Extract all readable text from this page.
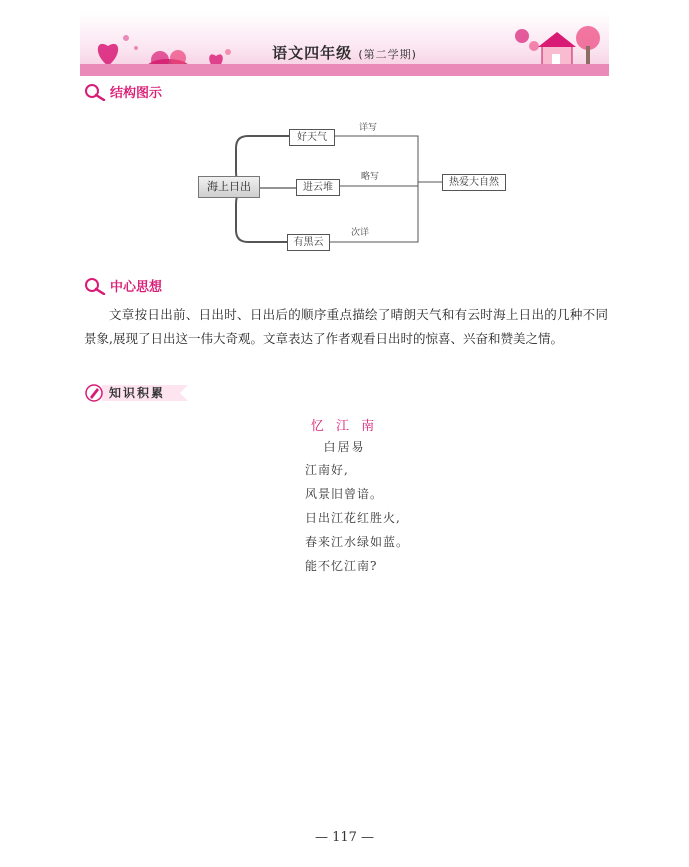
语文四年级 (第二学期)
结构图示
海上日出
好天气
进云堆
有黑云
详写
略写
次详
热爱大自然
中心思想

文章按日出前、日出时、日出后的顺序重点描绘了晴朗天气和有云时海上日出的几种不同景象,展现了日出这一伟大奇观。文章表达了作者观看日出时的惊喜、兴奋和赞美之情。

知识积累
忆 江 南
白居易
江南好,
风景旧曾谙。
日出江花红胜火,
春来江水绿如蓝。
能不忆江南?
— 117 —
